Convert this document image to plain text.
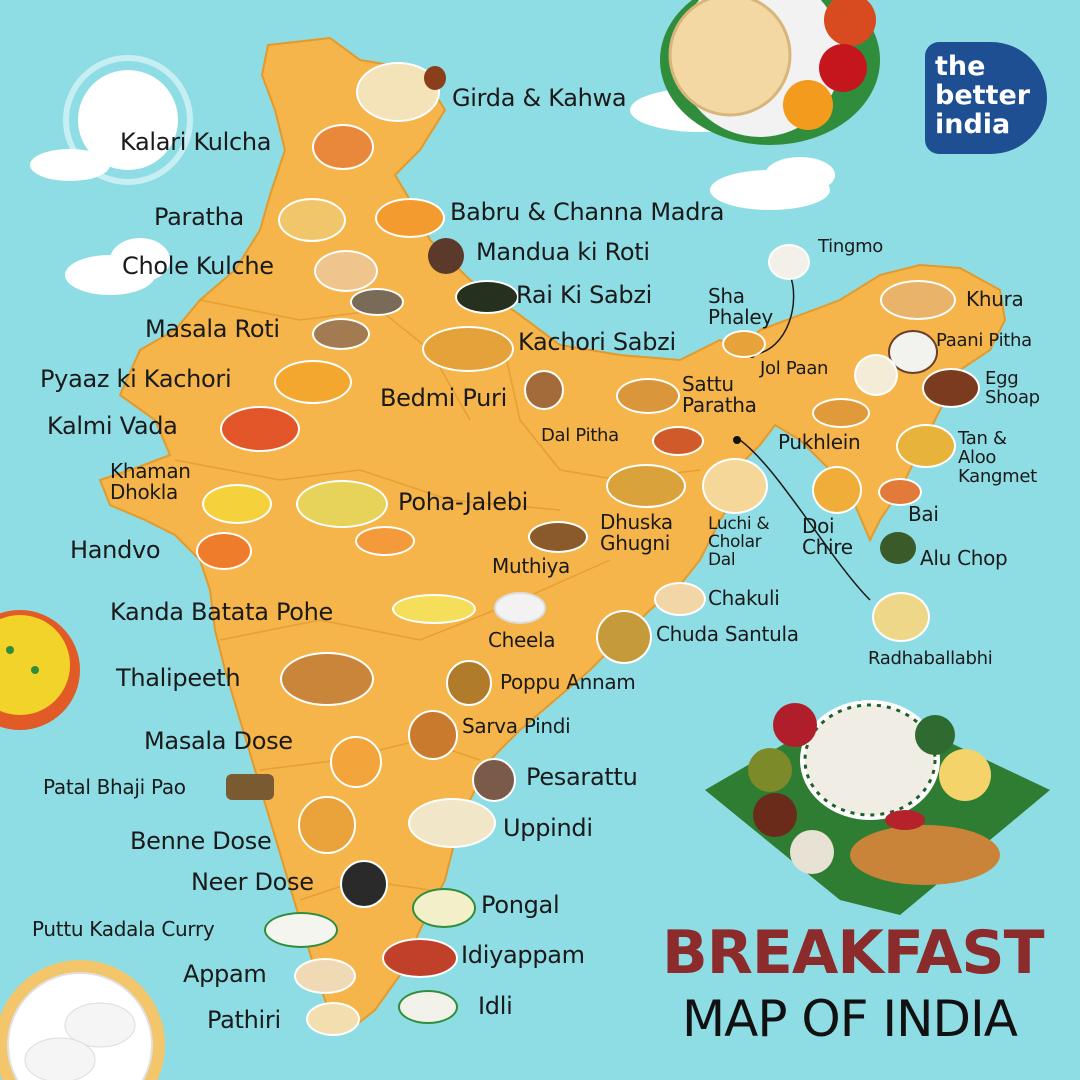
the
better
india
Girda & Kahwa
Kalari Kulcha
Paratha	Babru & Channa Madra
Mandua ki Roti
Chole Kulche
Rai Ki Sabzi
Masala Roti	Kachori Sabzi
Pyaaz ki Kachori
Bedmi Puri
Kalmi Vada
Khaman
Dhokla	Poha-Jalebi
Handvo
Muthiya
Kanda Batata Pohe
Cheela
Thalipeeth	Poppu Annam
Sarva Pindi
Masala Dose
Patal Bhaji Pao	Pesarattu
Benne Dose	Uppindi
Neer Dose
Pongal
Puttu Kadala Curry
Idiyappam
Appam
Idli
Pathiri
Tingmo
Sha
Phaley
Sattu
Paratha
Dal Pitha
Dhuska
Ghugni
Luchi &
Cholar
Dal
Chakuli
Chuda Santula
Radhaballabhi
Khura
Paani Pitha
Jol Paan	Egg
Shoap
Pukhlein	Tan &
Aloo
Kangmet
Doi
Chire
Bai
Alu Chop
BREAKFAST
MAP OF INDIA
